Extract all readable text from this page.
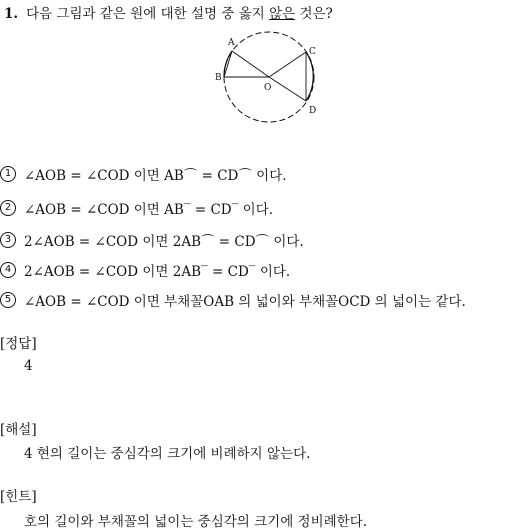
1. 다음 그림과 같은 원에 대한 설명 중 옳지 않은 것은?
A
B
C
D
O
1 ∠AOB = ∠COD 이면 AB⌒ = CD⌒ 이다.
2 ∠AOB = ∠COD 이면 AB‾ = CD‾ 이다.
3 2∠AOB = ∠COD 이면 2AB⌒ = CD⌒ 이다.
4 2∠AOB = ∠COD 이면 2AB‾ = CD‾ 이다.
5 ∠AOB = ∠COD 이면 부채꼴OAB 의 넓이와 부채꼴OCD 의 넓이는 같다.
[정답]
4
[해설]
4 현의 길이는 중심각의 크기에 비례하지 않는다.
[힌트]
호의 길이와 부채꼴의 넓이는 중심각의 크기에 정비례한다.
